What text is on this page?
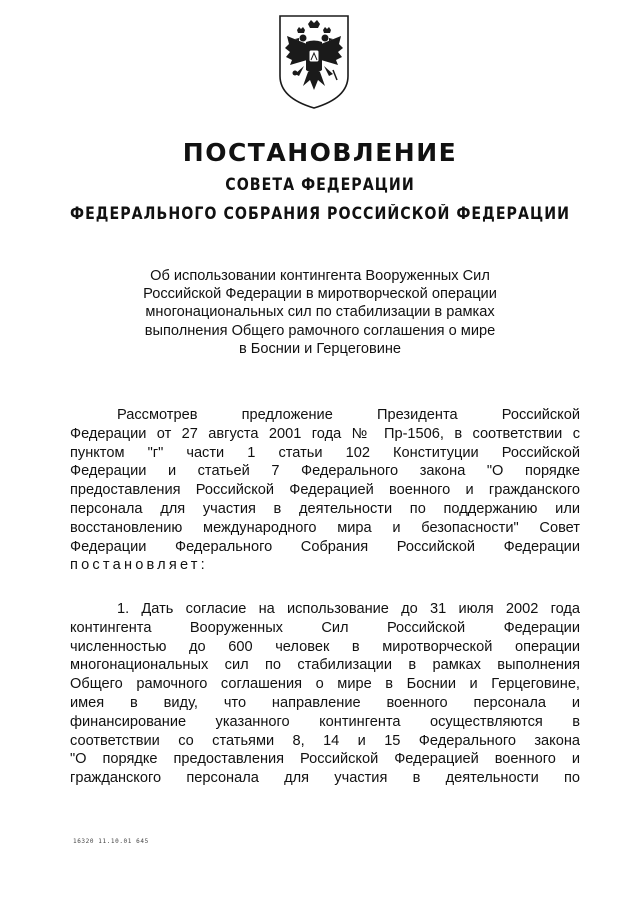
ПОСТАНОВЛЕНИЕ
СОВЕТА ФЕДЕРАЦИИ
ФЕДЕРАЛЬНОГО СОБРАНИЯ РОССИЙСКОЙ ФЕДЕРАЦИИ
Об использовании контингента Вооруженных Сил
Российской Федерации в миротворческой операции
многонациональных сил по стабилизации в рамках
выполнения Общего рамочного соглашения о мире
в Боснии и Герцеговине
Рассмотрев предложение Президента Российской
Федерации от 27 августа 2001 года № Пр-1506, в соответствии с
пунктом "г" части 1 статьи 102 Конституции Российской
Федерации и статьей 7 Федерального закона "О порядке
предоставления Российской Федерацией военного и гражданского
персонала для участия в деятельности по поддержанию или
восстановлению международного мира и безопасности" Совет
Федерации Федерального Собрания Российской Федерации
постановляет:
1. Дать согласие на использование до 31 июля 2002 года
контингента Вооруженных Сил Российской Федерации
численностью до 600 человек в миротворческой операции
многонациональных сил по стабилизации в рамках выполнения
Общего рамочного соглашения о мире в Боснии и Герцеговине,
имея в виду, что направление военного персонала и
финансирование указанного контингента осуществляются в
соответствии со статьями 8, 14 и 15 Федерального закона
"О порядке предоставления Российской Федерацией военного и
гражданского персонала для участия в деятельности по
16320 11.10.01 645
